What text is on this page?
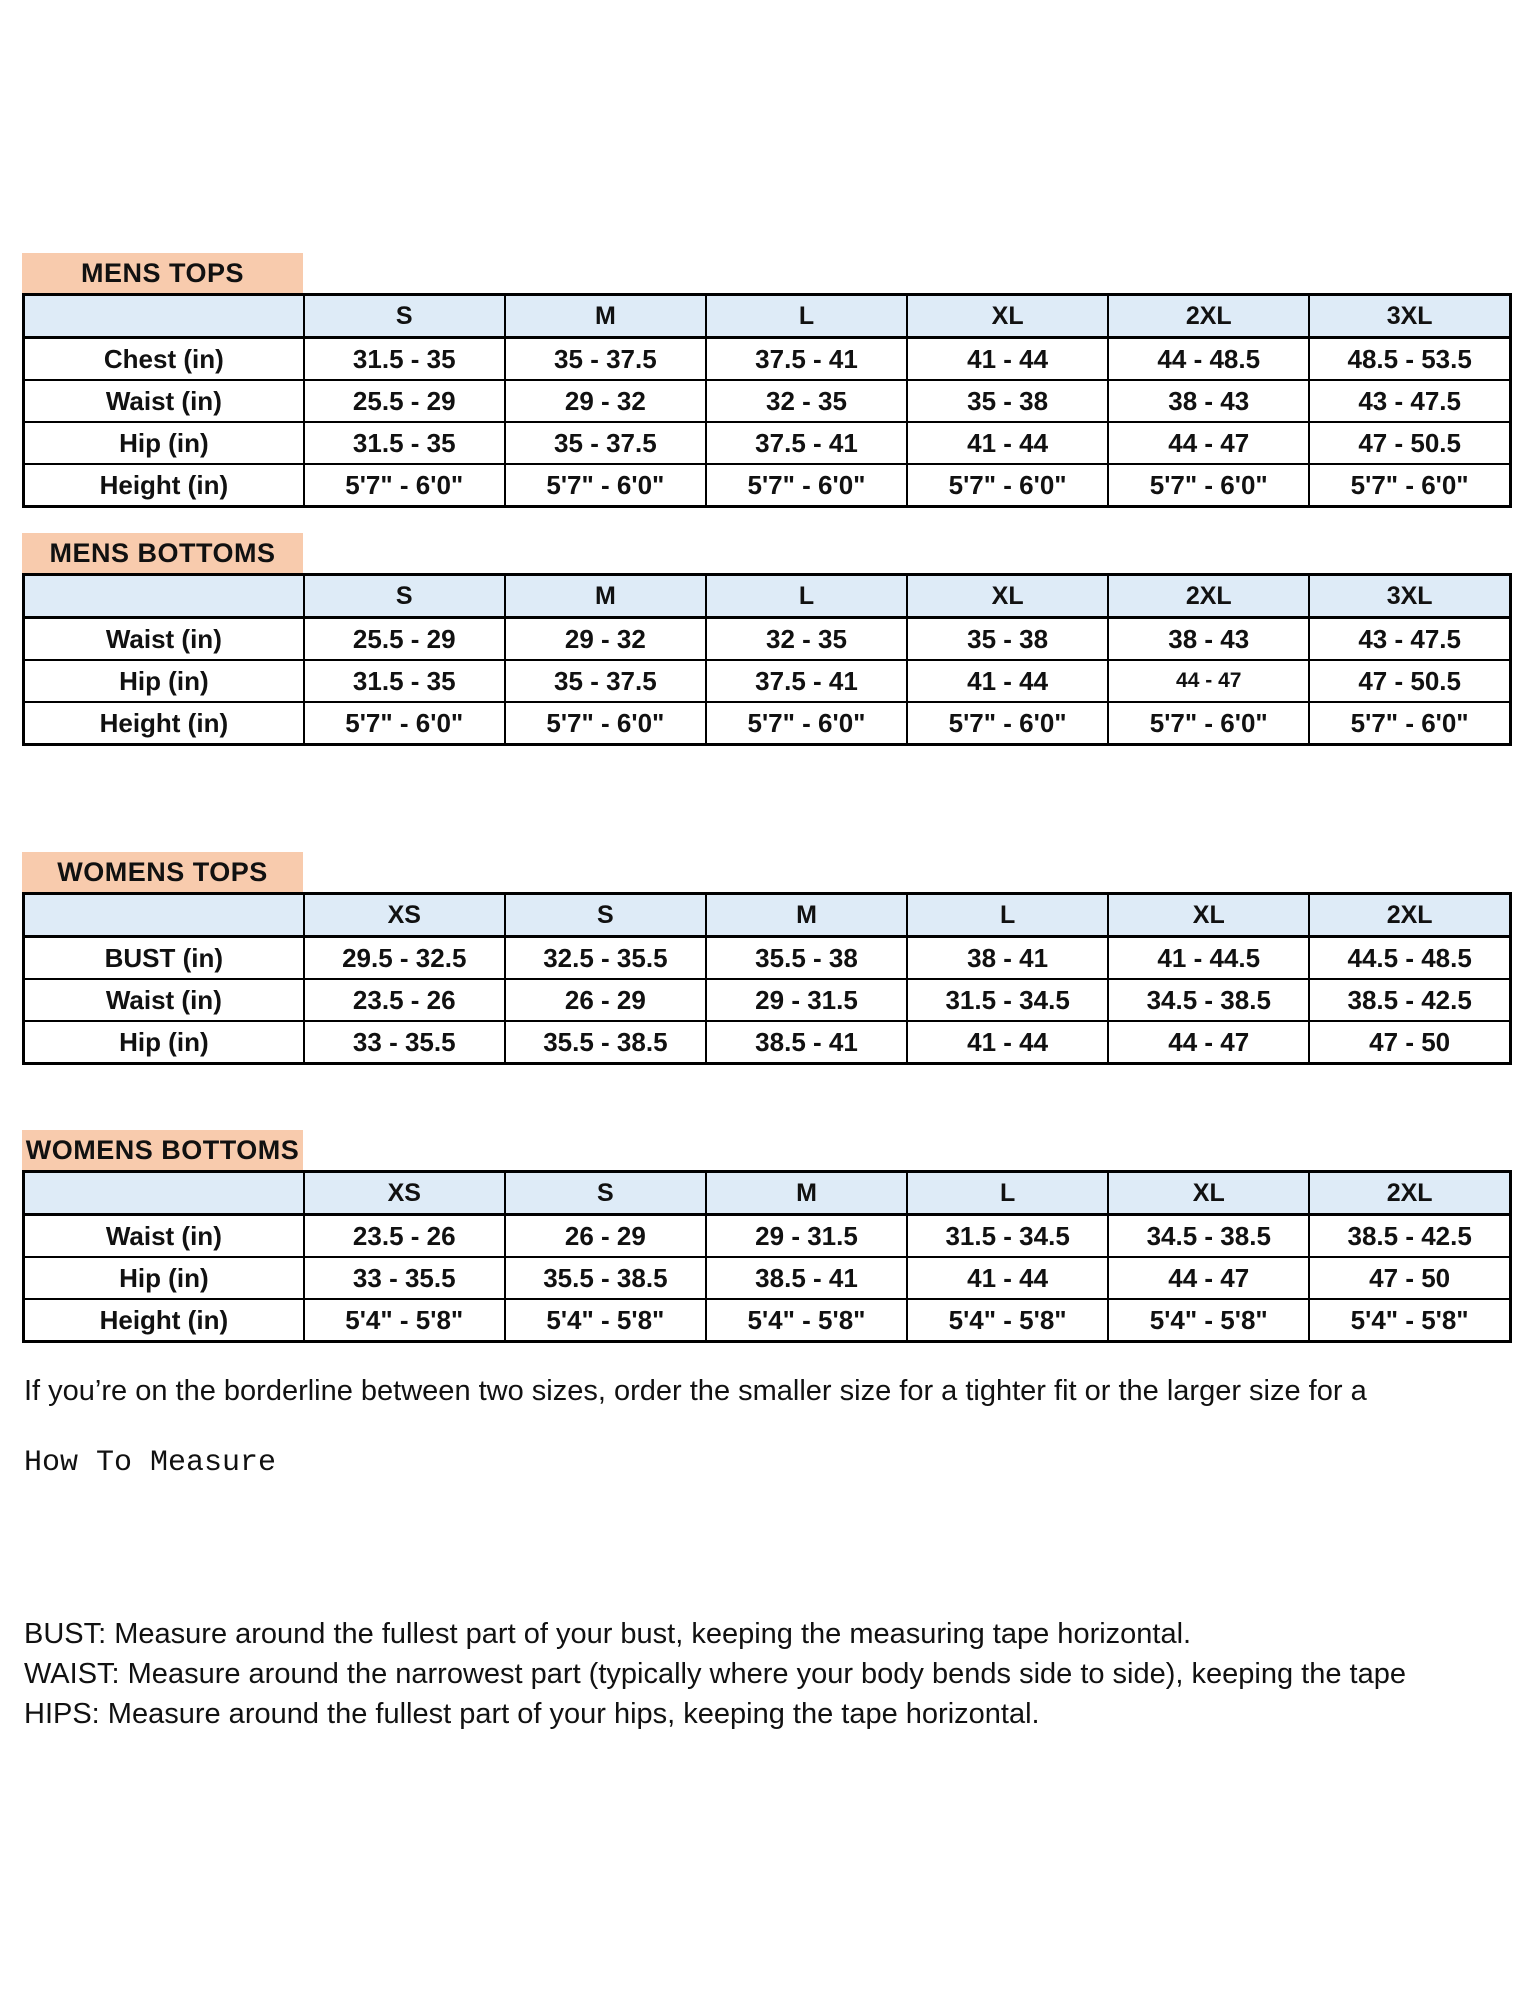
MENS TOPS
	S	M	L	XL	2XL	3XL
Chest (in)	31.5 - 35	35 - 37.5	37.5 - 41	41 - 44	44 - 48.5	48.5 - 53.5
Waist (in)	25.5 - 29	29 - 32	32 - 35	35 - 38	38 - 43	43 - 47.5
Hip (in)	31.5 - 35	35 - 37.5	37.5 - 41	41 - 44	44 - 47	47 - 50.5
Height (in)	5'7" - 6'0"	5'7" - 6'0"	5'7" - 6'0"	5'7" - 6'0"	5'7" - 6'0"	5'7" - 6'0"
MENS BOTTOMS
	S	M	L	XL	2XL	3XL
Waist (in)	25.5 - 29	29 - 32	32 - 35	35 - 38	38 - 43	43 - 47.5
Hip (in)	31.5 - 35	35 - 37.5	37.5 - 41	41 - 44	44 - 47	47 - 50.5
Height (in)	5'7" - 6'0"	5'7" - 6'0"	5'7" - 6'0"	5'7" - 6'0"	5'7" - 6'0"	5'7" - 6'0"
WOMENS TOPS
	XS	S	M	L	XL	2XL
BUST (in)	29.5 - 32.5	32.5 - 35.5	35.5 - 38	38 - 41	41 - 44.5	44.5 - 48.5
Waist (in)	23.5 - 26	26 - 29	29 - 31.5	31.5 - 34.5	34.5 - 38.5	38.5 - 42.5
Hip (in)	33 - 35.5	35.5 - 38.5	38.5 - 41	41 - 44	44 - 47	47 - 50
WOMENS BOTTOMS
	XS	S	M	L	XL	2XL
Waist (in)	23.5 - 26	26 - 29	29 - 31.5	31.5 - 34.5	34.5 - 38.5	38.5 - 42.5
Hip (in)	33 - 35.5	35.5 - 38.5	38.5 - 41	41 - 44	44 - 47	47 - 50
Height (in)	5'4" - 5'8"	5'4" - 5'8"	5'4" - 5'8"	5'4" - 5'8"	5'4" - 5'8"	5'4" - 5'8"
If you’re on the borderline between two sizes, order the smaller size for a tighter fit or the larger size for a
How To Measure
BUST: Measure around the fullest part of your bust, keeping the measuring tape horizontal.
WAIST: Measure around the narrowest part (typically where your body bends side to side), keeping the tape
HIPS: Measure around the fullest part of your hips, keeping the tape horizontal.
